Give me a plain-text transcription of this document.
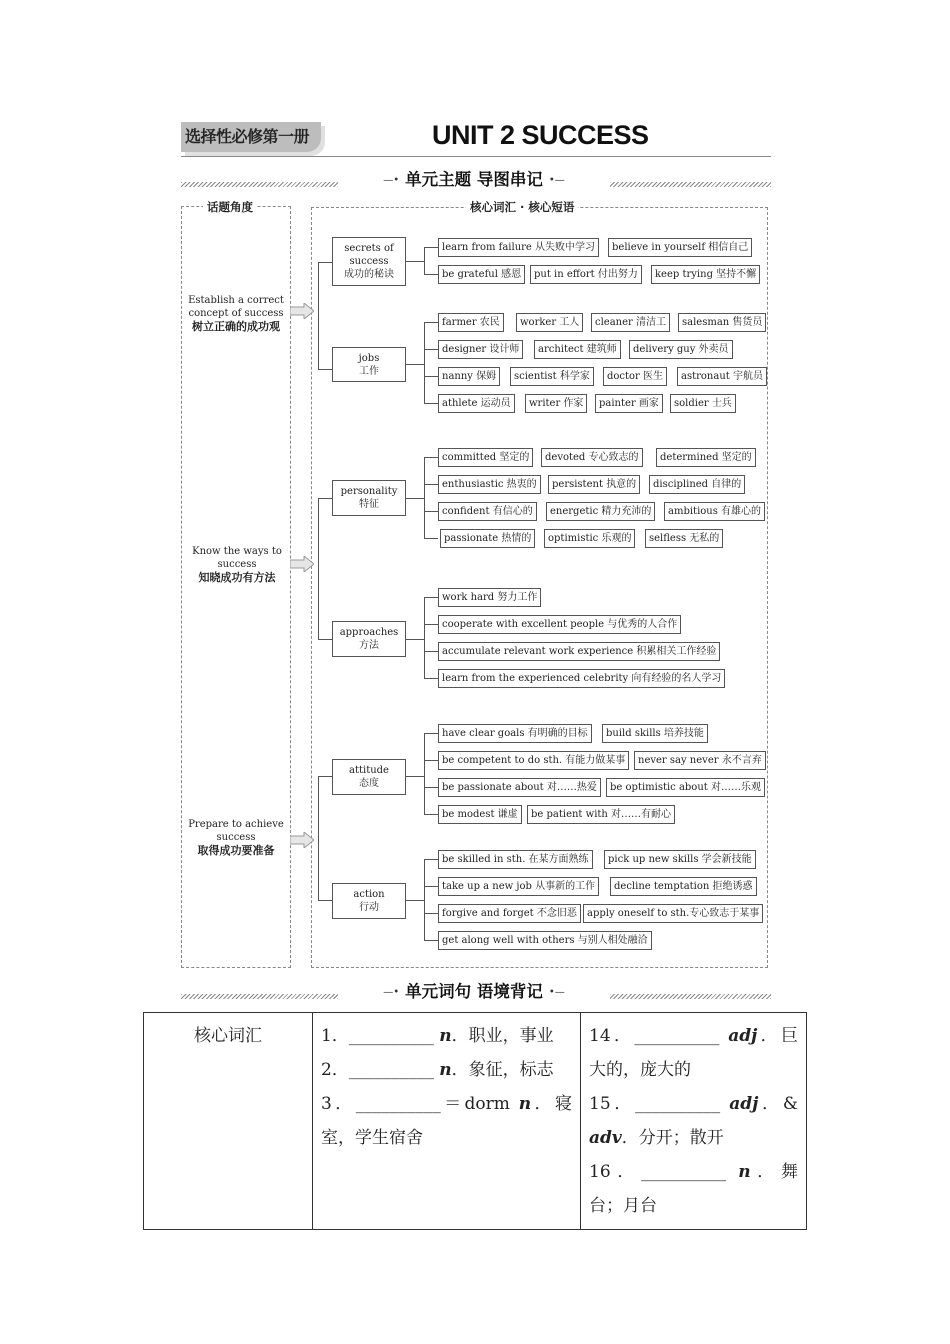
选择性必修第一册	UNIT 2 SUCCESS
—• 单元主题 导图串记 •—
话题角度	核心词汇 · 核心短语
Establish a correct concept of success
树立正确的成功观
Know the ways to success
知晓成功有方法
Prepare to achieve success
取得成功要准备
secrets of success
成功的秘诀
jobs
工作
personality
特征
approaches
方法
attitude
态度
action
行动
learn from failure 从失败中学习	believe in yourself 相信自己
be grateful 感恩	put in effort 付出努力	keep trying 坚持不懈
farmer 农民	worker 工人	cleaner 清洁工	salesman 售货员
designer 设计师	architect 建筑师	delivery guy 外卖员
nanny 保姆	scientist 科学家	doctor 医生	astronaut 宇航员
athlete 运动员	writer 作家	painter 画家	soldier 士兵
committed 坚定的	devoted 专心致志的	determined 坚定的
enthusiastic 热衷的	persistent 执意的	disciplined 自律的
confident 有信心的	energetic 精力充沛的	ambitious 有雄心的
passionate 热情的	optimistic 乐观的	selfless 无私的
work hard 努力工作
cooperate with excellent people 与优秀的人合作
accumulate relevant work experience 积累相关工作经验
learn from the experienced celebrity 向有经验的名人学习
have clear goals 有明确的目标	build skills 培养技能
be competent to do sth. 有能力做某事	never say never 永不言弃
be passionate about 对……热爱	be optimistic about 对……乐观
be modest 谦虚	be patient with 对……有耐心
be skilled in sth. 在某方面熟练	pick up new skills 学会新技能
take up a new job 从事新的工作	decline temptation 拒绝诱惑
forgive and forget 不念旧恶	apply oneself to sth.专心致志于某事
get along well with others 与别人相处融洽
—• 单元词句 语境背记 •—
核心词汇	1．__________ n．职业，事业
2．__________ n．象征，标志
3．__________＝dorm n．寝室，学生宿舍

14．__________ adj．巨大的，庞大的
15．__________ adj．& adv．分开；散开
16．__________ n．舞台；月台
